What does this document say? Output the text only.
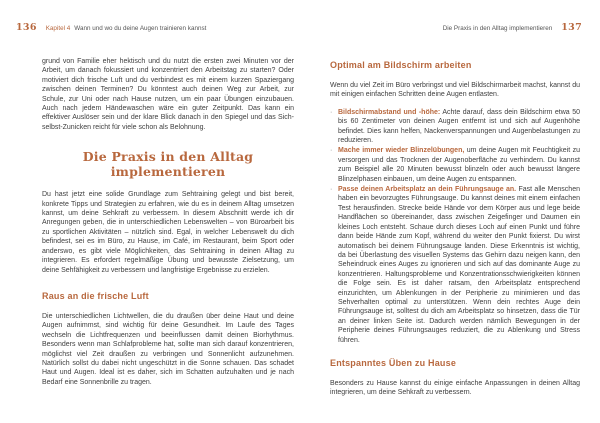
136 Kapitel 4 Wann und wo du deine Augen trainieren kannst

grund von Familie eher hektisch und du nutzt die ersten zwei Minuten vor der Arbeit, um danach fokussiert und konzentriert den Arbeitstag zu starten? Oder motiviert dich frische Luft und du verbindest es mit einem kurzen Spaziergang zwischen deinen Terminen? Du könntest auch deinen Weg zur Arbeit, zur Schule, zur Uni oder nach Hause nutzen, um ein paar Übungen einzubauen. Auch nach jedem Händewaschen wäre ein guter Zeitpunkt. Das kann ein effektiver Auslöser sein und der klare Blick danach in den Spiegel und das Sich-selbst-Zunicken reicht für viele schon als Belohnung.

Die Praxis in den Alltag implementieren

Du hast jetzt eine solide Grundlage zum Sehtraining gelegt und bist bereit, konkrete Tipps und Strategien zu erfahren, wie du es in deinem Alltag umsetzen kannst, um deine Sehkraft zu verbessern. In diesem Abschnitt werde ich dir Anregungen geben, die in unterschiedlichen Lebenswelten – von Büroarbeit bis zu sportlichen Aktivitäten – nützlich sind. Egal, in welcher Lebenswelt du dich befindest, sei es im Büro, zu Hause, im Café, im Restaurant, beim Sport oder anderswo, es gibt viele Möglichkeiten, das Sehtraining in deinen Alltag zu integrieren. Es erfordert regelmäßige Übung und bewusste Zielsetzung, um deine Sehfähigkeit zu verbessern und langfristige Ergebnisse zu erzielen.

Raus an die frische Luft

Die unterschiedlichen Lichtwellen, die du draußen über deine Haut und deine Augen aufnimmst, sind wichtig für deine Gesundheit. Im Laufe des Tages wechseln die Lichtfrequenzen und beeinflussen damit deinen Biorhythmus. Besonders wenn man Schlafprobleme hat, sollte man sich darauf konzentrieren, möglichst viel Zeit draußen zu verbringen und Sonnenlicht aufzunehmen. Natürlich sollst du dabei nicht ungeschützt in die Sonne schauen. Das schadet Haut und Augen. Ideal ist es daher, sich im Schatten aufzuhalten und je nach Bedarf eine Sonnenbrille zu tragen.

Die Praxis in den Alltag implementieren 137
Optimal am Bildschirm arbeiten

Wenn du viel Zeit im Büro verbringst und viel Bildschirmarbeit machst, kannst du mit einigen einfachen Schritten deine Augen entlasten.

· Bildschirmabstand und -höhe: Achte darauf, dass dein Bildschirm etwa 50 bis 60 Zentimeter von deinen Augen entfernt ist und sich auf Augenhöhe befindet. Dies kann helfen, Nackenverspannungen und Augenbelastungen zu reduzieren.
· Mache immer wieder Blinzelübungen, um deine Augen mit Feuchtigkeit zu versorgen und das Trocknen der Augenoberfläche zu verhindern. Du kannst zum Beispiel alle 20 Minuten bewusst blinzeln oder auch bewusst längere Blinzelphasen einbauen, um deine Augen zu entspannen.
· Passe deinen Arbeitsplatz an dein Führungsauge an. Fast alle Menschen haben ein bevorzugtes Führungsauge. Du kannst deines mit einem einfachen Test herausfinden. Strecke beide Hände vor dem Körper aus und lege beide Handflächen so übereinander, dass zwischen Zeigefinger und Daumen ein kleines Loch entsteht. Schaue durch dieses Loch auf einen Punkt und führe dann beide Hände zum Kopf, während du weiter den Punkt fixierst. Du wirst automatisch bei deinem Führungsauge landen. Diese Erkenntnis ist wichtig, da bei Überlastung des visuellen Systems das Gehirn dazu neigen kann, den Seheindruck eines Auges zu ignorieren und sich auf das dominante Auge zu konzentrieren. Haltungsprobleme und Konzentrationsschwierigkeiten können die Folge sein. Es ist daher ratsam, den Arbeitsplatz entsprechend einzurichten, um Ablenkungen in der Peripherie zu minimieren und das Sehverhalten optimal zu unterstützen. Wenn dein rechtes Auge dein Führungsauge ist, solltest du dich am Arbeitsplatz so hinsetzen, dass die Tür an deiner linken Seite ist. Dadurch werden nämlich Bewegungen in der Peripherie deines Führungsauges reduziert, die zu Ablenkung und Stress führen.
Entspanntes Üben zu Hause

Besonders zu Hause kannst du einige einfache Anpassungen in deinen Alltag integrieren, um deine Sehkraft zu verbessern.
